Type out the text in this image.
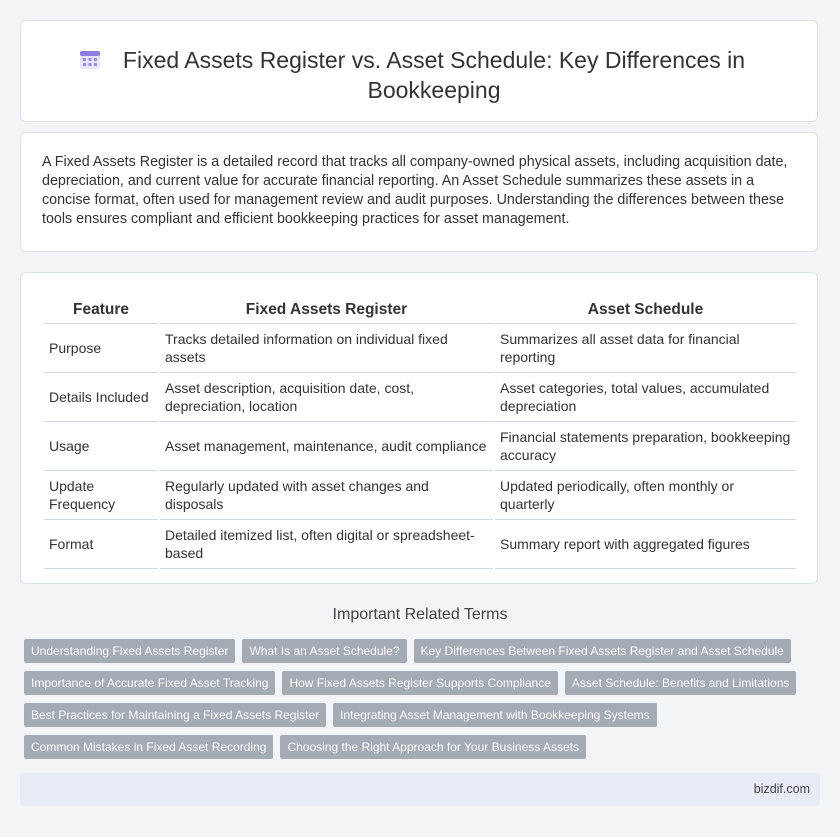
Fixed Assets Register vs. Asset Schedule: Key Differences in Bookkeeping
A Fixed Assets Register is a detailed record that tracks all company-owned physical assets, including acquisition date, depreciation, and current value for accurate financial reporting. An Asset Schedule summarizes these assets in a concise format, often used for management review and audit purposes. Understanding the differences between these tools ensures compliant and efficient bookkeeping practices for asset management.
Feature	Fixed Assets Register	Asset Schedule
Purpose	Tracks detailed information on individual fixed assets	Summarizes all asset data for financial reporting
Details Included	Asset description, acquisition date, cost, depreciation, location	Asset categories, total values, accumulated depreciation
Usage	Asset management, maintenance, audit compliance	Financial statements preparation, bookkeeping accuracy
Update Frequency	Regularly updated with asset changes and disposals	Updated periodically, often monthly or quarterly
Format	Detailed itemized list, often digital or spreadsheet-based	Summary report with aggregated figures
Important Related Terms
Understanding Fixed Assets Register	What Is an Asset Schedule?	Key Differences Between Fixed Assets Register and Asset Schedule
Importance of Accurate Fixed Asset Tracking	How Fixed Assets Register Supports Compliance	Asset Schedule: Benefits and Limitations
Best Practices for Maintaining a Fixed Assets Register	Integrating Asset Management with Bookkeeping Systems
Common Mistakes in Fixed Asset Recording	Choosing the Right Approach for Your Business Assets
bizdif.com
